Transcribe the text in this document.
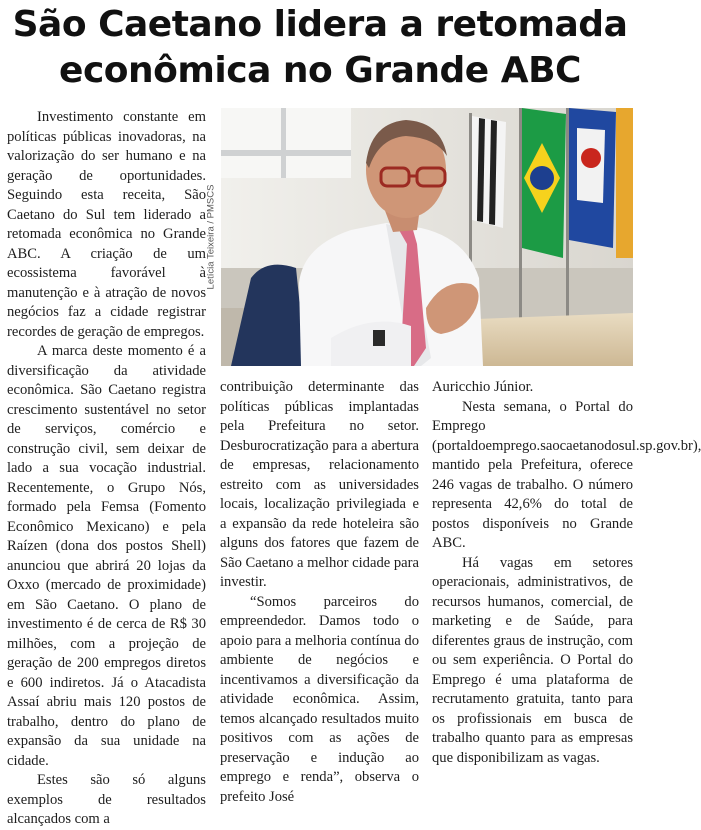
São Caetano lidera a retomada
econômica no Grande ABC

Investimento constante em políticas públicas inovadoras, na valorização do ser humano e na geração de oportunidades. Seguindo esta receita, São Caetano do Sul tem liderado a retomada econômica no Grande ABC. A criação de um ecossistema favorável à manutenção e à atração de novos negócios faz a cidade registrar recordes de geração de empregos.

A marca deste momento é a diversificação da atividade econômica. São Caetano registra crescimento sustentável no setor de serviços, comércio e construção civil, sem deixar de lado a sua vocação industrial. Recentemente, o Grupo Nós, formado pela Femsa (Fomento Econômico Mexicano) e pela Raízen (dona dos postos Shell) anunciou que abrirá 20 lojas da Oxxo (mercado de proximidade) em São Caetano. O plano de investimento é de cerca de R$ 30 milhões, com a projeção de geração de 200 empregos diretos e 600 indiretos. Já o Atacadista Assaí abriu mais 120 postos de trabalho, dentro do plano de expansão da sua unidade na cidade.

Estes são só alguns exemplos de resultados alcançados com a

Letícia Teixeira / PMSCS

contribuição determinante das políticas públicas implantadas pela Prefeitura no setor. Desburocratização para a abertura de empresas, relacionamento estreito com as universidades locais, localização privilegiada e a expansão da rede hoteleira são alguns dos fatores que fazem de São Caetano a melhor cidade para investir.

“Somos parceiros do empreendedor. Damos todo o apoio para a melhoria contínua do ambiente de negócios e incentivamos a diversificação da atividade econômica. Assim, temos alcançado resultados muito positivos com as ações de preservação e indução ao emprego e renda”, observa o prefeito José

Auricchio Júnior.

Nesta semana, o Portal do Emprego (portaldoemprego.saocaetanodosul.sp.gov.br), mantido pela Prefeitura, oferece 246 vagas de trabalho. O número representa 42,6% do total de postos disponíveis no Grande ABC.

Há vagas em setores operacionais, administrativos, de recursos humanos, comercial, de marketing e de Saúde, para diferentes graus de instrução, com ou sem experiência. O Portal do Emprego é uma plataforma de recrutamento gratuita, tanto para os profissionais em busca de trabalho quanto para as empresas que disponibilizam as vagas.
